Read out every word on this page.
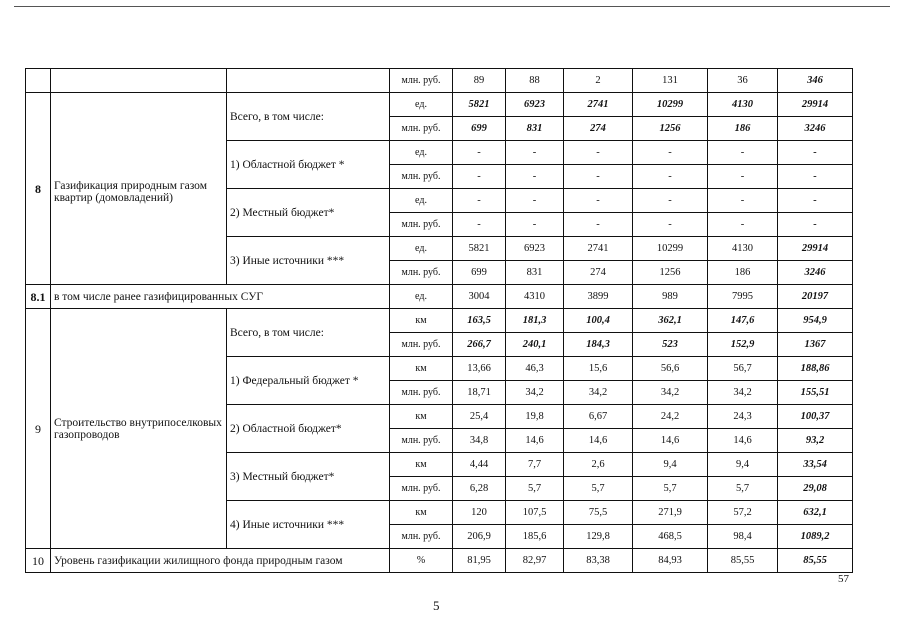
			млн. руб.	89	88	2	131	36	346
8	Газификация природным газом квартир (домовладений)	Всего, в том числе:	ед.	5821	6923	2741	10299	4130	29914
			млн. руб.	699	831	274	1256	186	3246
		1) Областной бюджет *	ед.	-	-	-	-	-	-
			млн. руб.	-	-	-	-	-	-
		2) Местный бюджет*	ед.	-	-	-	-	-	-
			млн. руб.	-	-	-	-	-	-
		3) Иные источники ***	ед.	5821	6923	2741	10299	4130	29914
			млн. руб.	699	831	274	1256	186	3246
8.1	в том числе ранее газифицированных СУГ		ед.	3004	4310	3899	989	7995	20197
9	Строительство внутрипоселковых газопроводов	Всего, в том числе:	км	163,5	181,3	100,4	362,1	147,6	954,9
			млн. руб.	266,7	240,1	184,3	523	152,9	1367
		1) Федеральный бюджет *	км	13,66	46,3	15,6	56,6	56,7	188,86
			млн. руб.	18,71	34,2	34,2	34,2	34,2	155,51
		2) Областной бюджет*	км	25,4	19,8	6,67	24,2	24,3	100,37
			млн. руб.	34,8	14,6	14,6	14,6	14,6	93,2
		3) Местный бюджет*	км	4,44	7,7	2,6	9,4	9,4	33,54
			млн. руб.	6,28	5,7	5,7	5,7	5,7	29,08
		4) Иные источники ***	км	120	107,5	75,5	271,9	57,2	632,1
			млн. руб.	206,9	185,6	129,8	468,5	98,4	1089,2
10	Уровень газификации жилищного фонда природным газом		%	81,95	82,97	83,38	84,93	85,55	85,55
57
5
